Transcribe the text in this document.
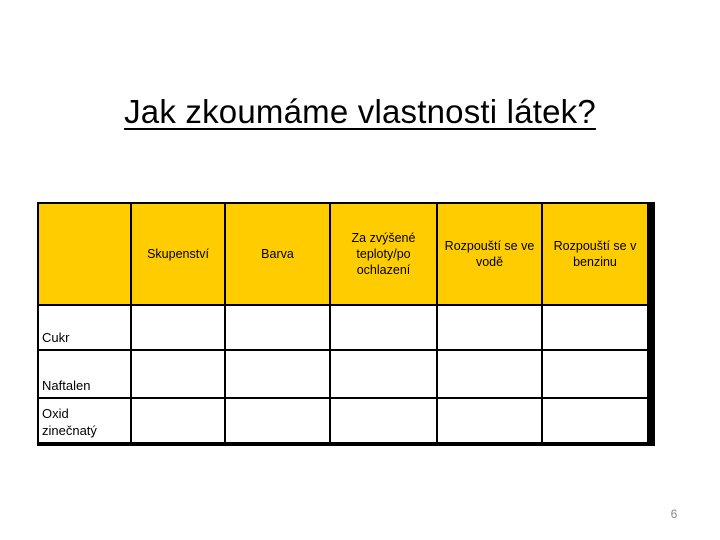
Jak zkoumáme vlastnosti látek?
Skupenství	Barva
Za zvýšené teploty/po ochlazení
Rozpouští se ve vodě
Rozpouští se v benzinu
Cukr
Naftalen
Oxid
zinečnatý
6
